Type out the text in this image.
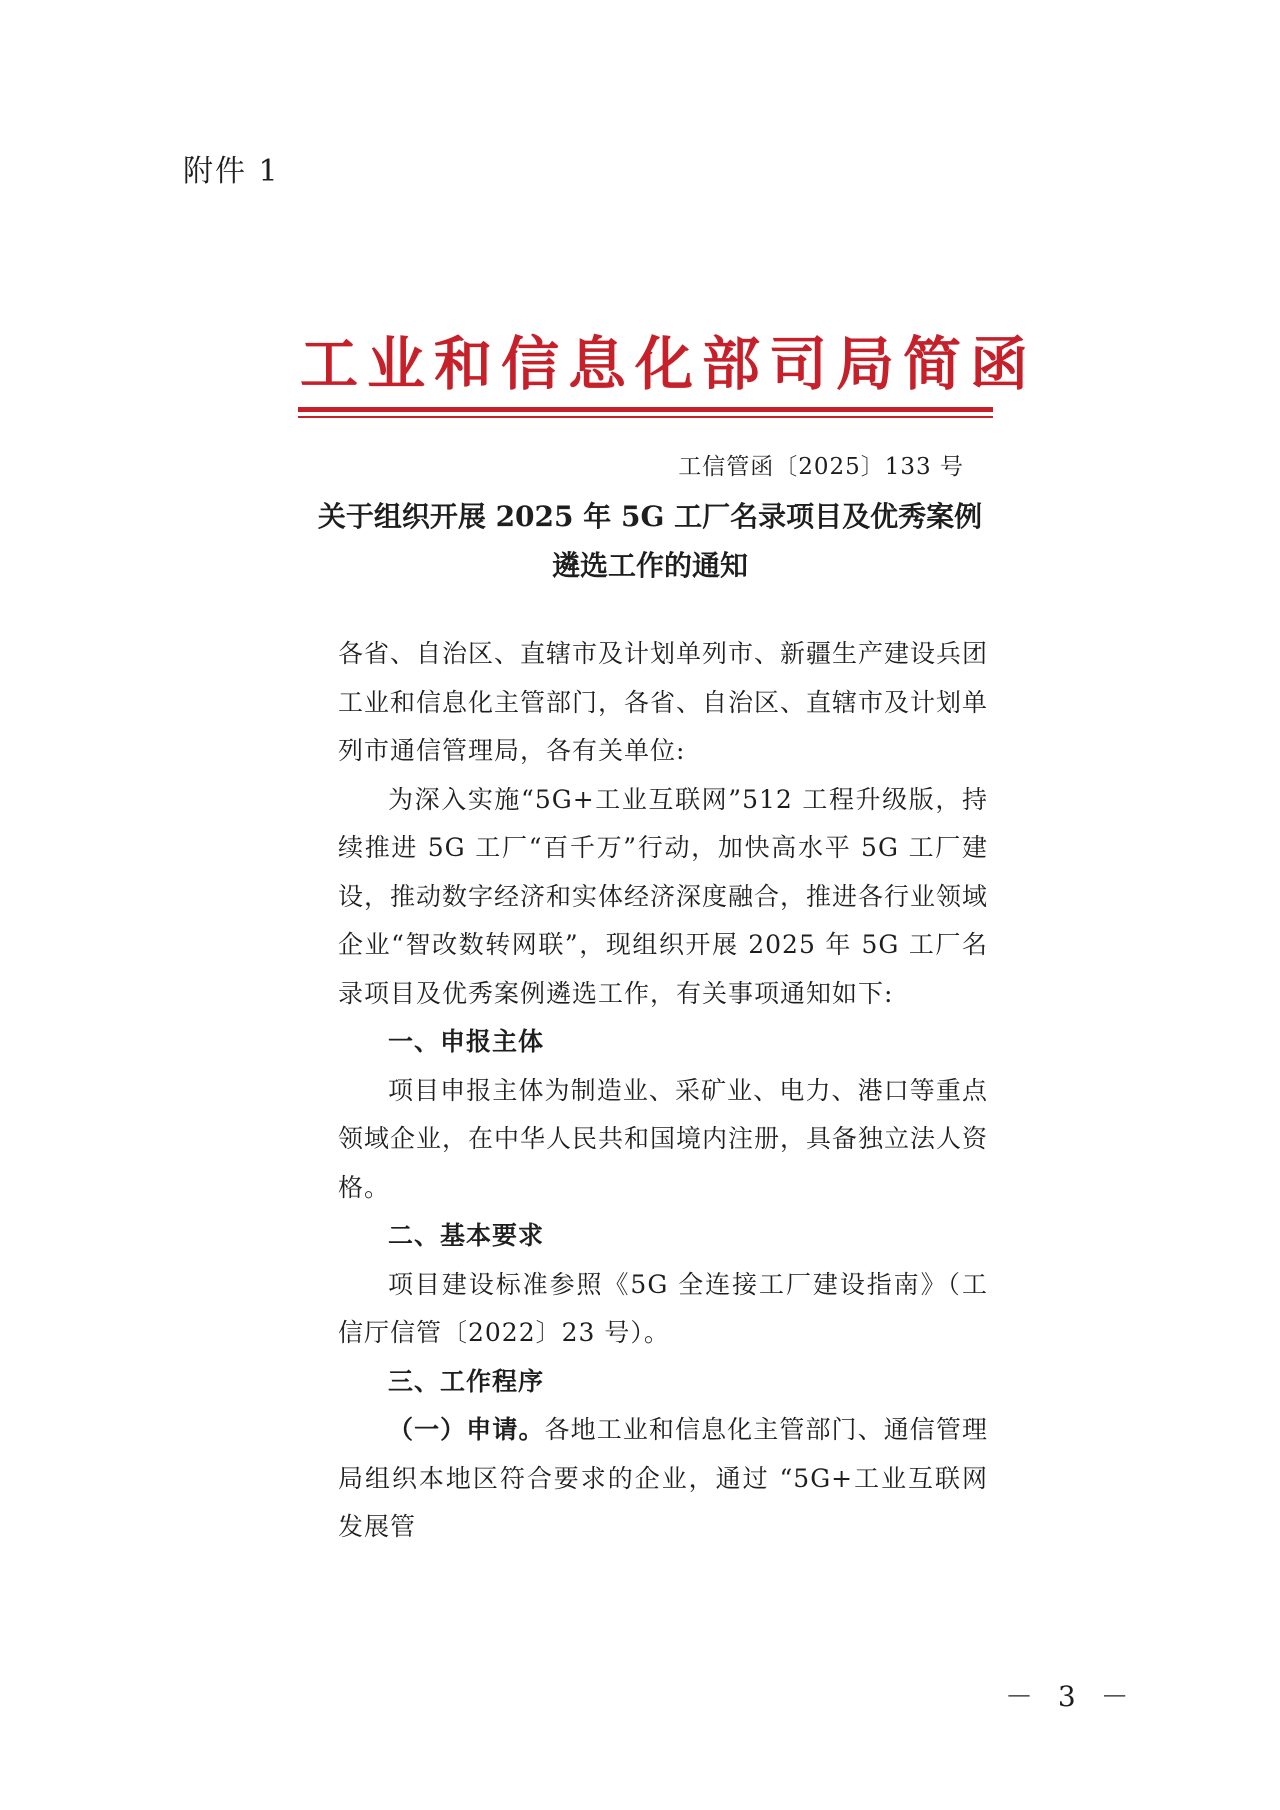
附件 1
工业和信息化部司局简函
工信管函〔2025〕133 号
关于组织开展 2025 年 5G 工厂名录项目及优秀案例
遴选工作的通知

各省、自治区、直辖市及计划单列市、新疆生产建设兵团工业和信息化主管部门，各省、自治区、直辖市及计划单列市通信管理局，各有关单位:

为深入实施“5G+工业互联网”512 工程升级版，持续推进 5G 工厂“百千万”行动，加快高水平 5G 工厂建设，推动数字经济和实体经济深度融合，推进各行业领域企业“智改数转网联”，现组织开展 2025 年 5G 工厂名录项目及优秀案例遴选工作，有关事项通知如下:

一、申报主体

项目申报主体为制造业、采矿业、电力、港口等重点领域企业，在中华人民共和国境内注册，具备独立法人资格。

二、基本要求

项目建设标准参照《5G 全连接工厂建设指南》（工信厅信管〔2022〕23 号）。

三、工作程序

（一）申请。各地工业和信息化主管部门、通信管理局组织本地区符合要求的企业，通过 “5G+工业互联网发展管

－ 3 －
